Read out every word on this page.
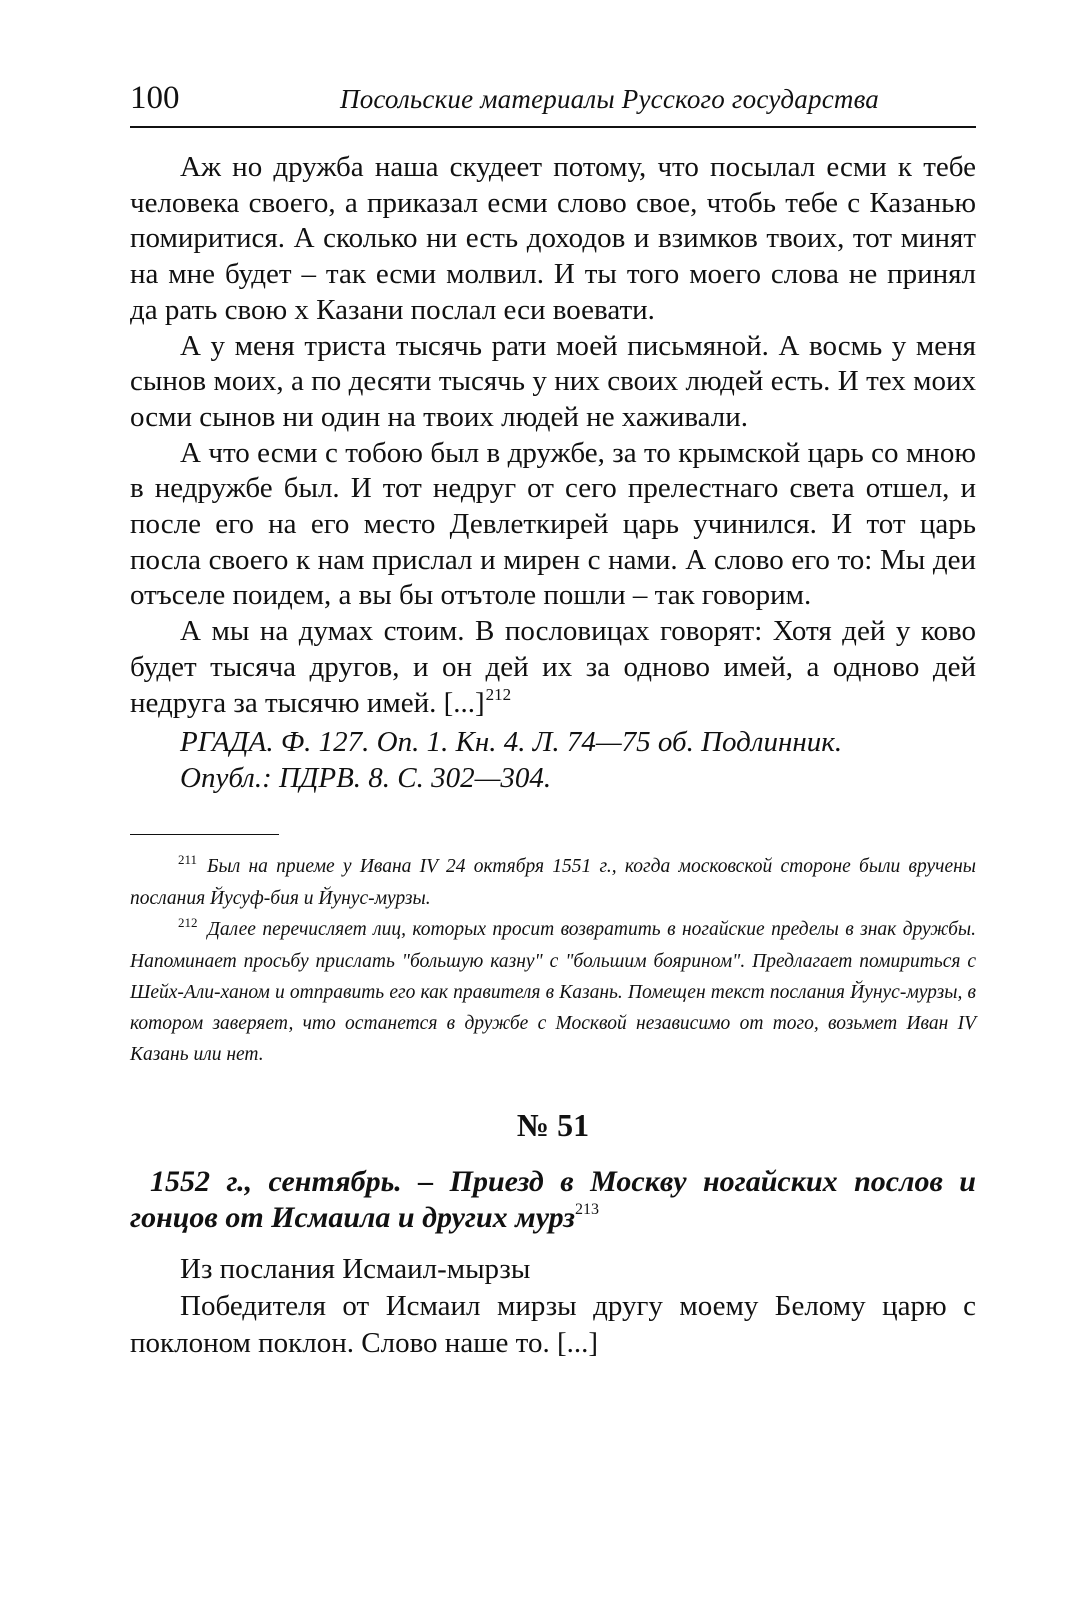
100	Посольские материалы Русского государства

Аж но дружба наша скудеет потому, что посылал есми к тебе человека своего, а приказал есми слово свое, чтобь тебе с Казанью помиритися. А сколько ни есть доходов и взимков твоих, тот минят на мне будет – так есми молвил. И ты того моего слова не принял да рать свою х Казани послал еси воевати.

А у меня триста тысячь рати моей письмяной. А восмь у меня сынов моих, а по десяти тысячь у них своих людей есть. И тех моих осми сынов ни один на твоих людей не хаживали.

А что есми с тобою был в дружбе, за то крымской царь со мною в недружбе был. И тот недруг от сего прелестнаго света отшел, и после его на его место Девлеткирей царь учинился. И тот царь посла своего к нам прислал и мирен с нами. А слово его то: Мы деи отъселе поидем, а вы бы отътоле пошли – так говорим.

А мы на думах стоим. В пословицах говорят: Хотя дей у ково будет тысяча другов, и он дей их за одново имей, а одново дей недруга за тысячю имей. [...]$^{212}$

РГАДА. Ф. 127. Оп. 1. Кн. 4. Л. 74—75 об. Подлинник.

Опубл.: ПДРВ. 8. С. 302—304.

$^{211}$ Был на приеме у Ивана IV 24 октября 1551 г., когда московской стороне были вручены послания Йусуф-бия и Йунус-мурзы.

$^{212}$ Далее перечисляет лиц, которых просит возвратить в ногайские пределы в знак дружбы. Напоминает просьбу прислать "большую казну" с "большим боярином". Предлагает помириться с Шейх-Али-ханом и отправить его как правителя в Казань. Помещен текст послания Йунус-мурзы, в котором заверяет, что останется в дружбе с Москвой независимо от того, возьмет Иван IV Казань или нет.

№ 51

1552 г., сентябрь. – Приезд в Москву ногайских послов и гонцов от Исмаила и других мурз$^{213}$

Из послания Исмаил-мырзы

Победителя от Исмаил мирзы другу моему Белому царю с поклоном поклон. Слово наше то. [...]
